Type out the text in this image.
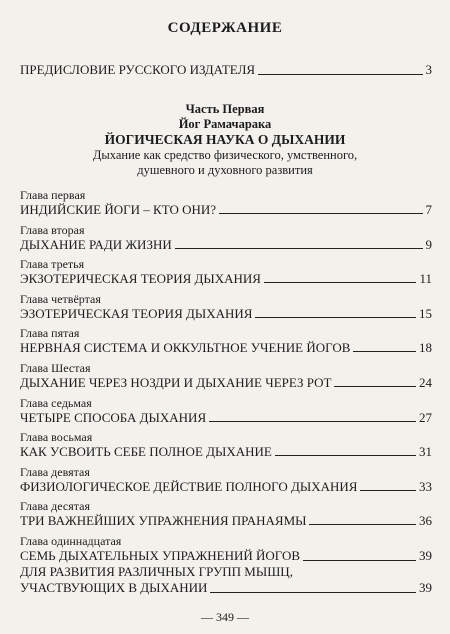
СОДЕРЖАНИЕ
ПРЕДИСЛОВИЕ РУССКОГО ИЗДАТЕЛЯ	3
Часть Первая
Йог Рамачарака
ЙОГИЧЕСКАЯ НАУКА О ДЫХАНИИ
Дыхание как средство физического, умственного,
душевного и духовного развития
Глава первая
ИНДИЙСКИЕ ЙОГИ – КТО ОНИ?	7
Глава вторая
ДЫХАНИЕ РАДИ ЖИЗНИ	9
Глава третья
ЭКЗОТЕРИЧЕСКАЯ ТЕОРИЯ ДЫХАНИЯ	11
Глава четвёртая
ЭЗОТЕРИЧЕСКАЯ ТЕОРИЯ ДЫХАНИЯ	15
Глава пятая
НЕРВНАЯ СИСТЕМА И ОККУЛЬТНОЕ УЧЕНИЕ ЙОГОВ	18
Глава Шестая
ДЫХАНИЕ ЧЕРЕЗ НОЗДРИ И ДЫХАНИЕ ЧЕРЕЗ РОТ	24
Глава седьмая
ЧЕТЫРЕ СПОСОБА ДЫХАНИЯ	27
Глава восьмая
КАК УСВОИТЬ СЕБЕ ПОЛНОЕ ДЫХАНИЕ	31
Глава девятая
ФИЗИОЛОГИЧЕСКОЕ ДЕЙСТВИЕ ПОЛНОГО ДЫХАНИЯ	33
Глава десятая
ТРИ ВАЖНЕЙШИХ УПРАЖНЕНИЯ ПРАНАЯМЫ	36
Глава одиннадцатая
СЕМЬ ДЫХАТЕЛЬНЫХ УПРАЖНЕНИЙ ЙОГОВ	39
ДЛЯ РАЗВИТИЯ РАЗЛИЧНЫХ ГРУПП МЫШЦ,
УЧАСТВУЮЩИХ В ДЫХАНИИ	39
— 349 —
